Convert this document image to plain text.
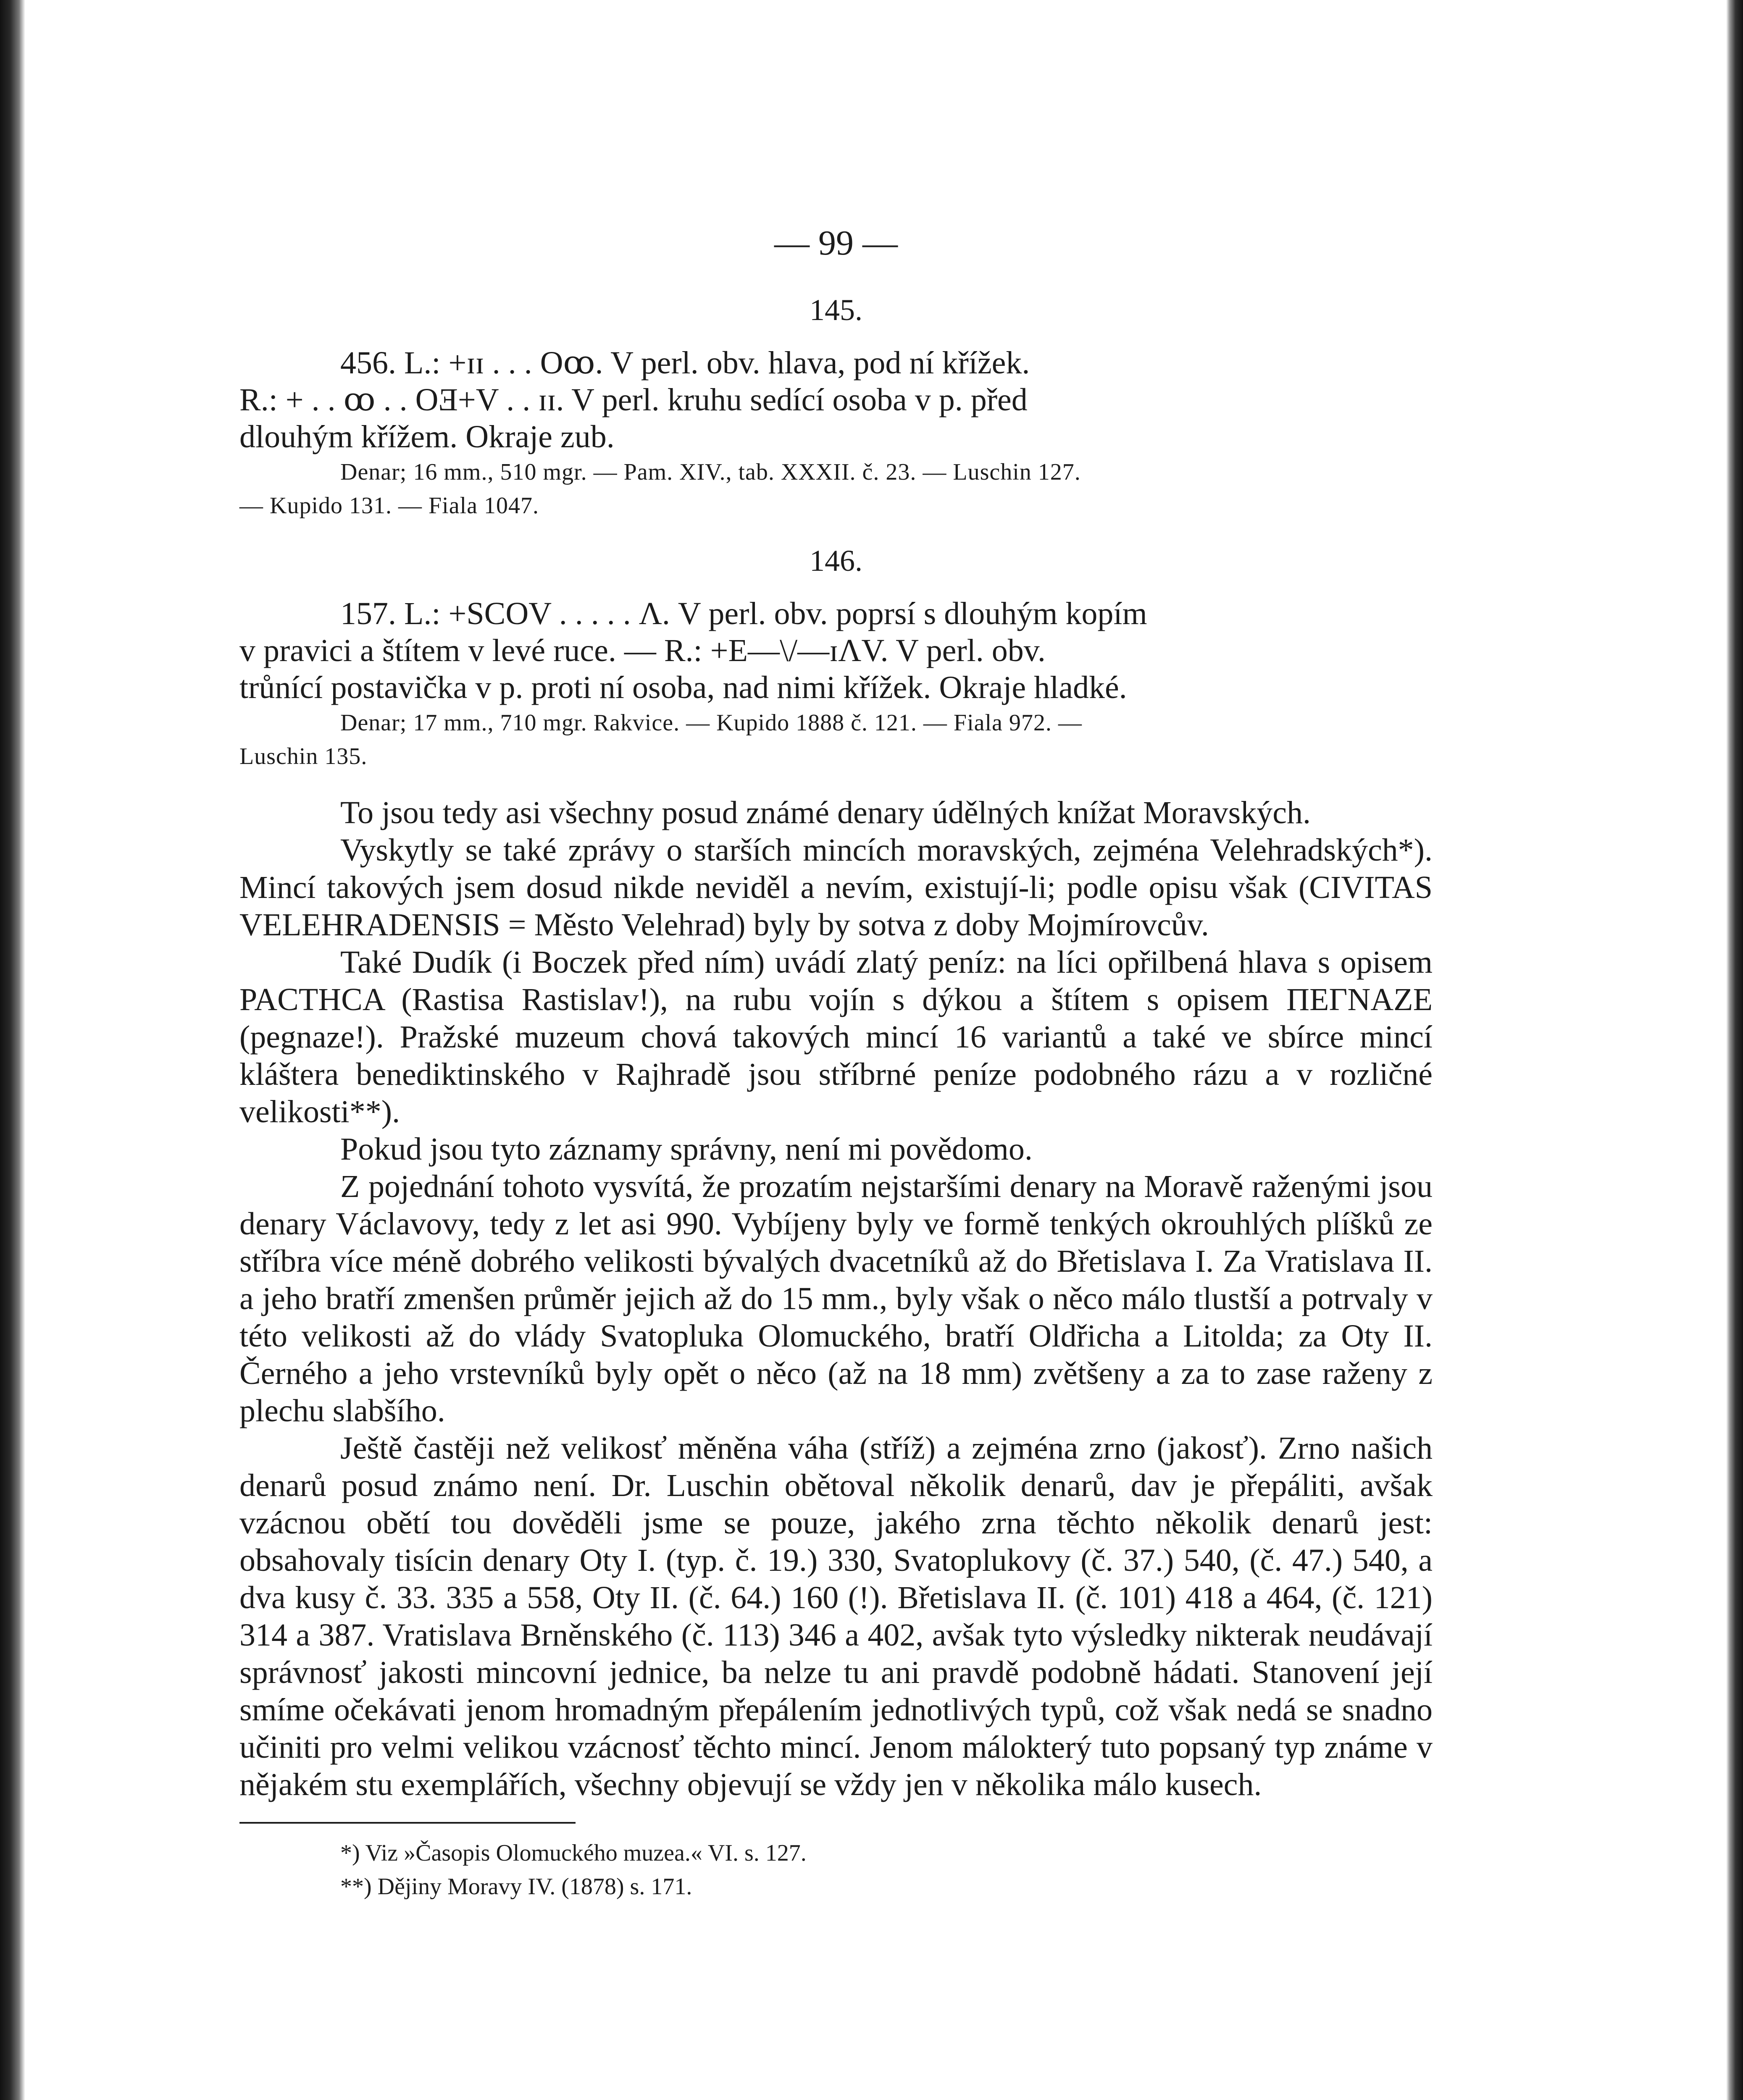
— 99 —
145.

456. L.: +ɪɪ . . . Oꝏ. V perl. obv. hlava, pod ní křížek.

R.: + . . ꝏ . . OƎ+V . . ɪɪ. V perl. kruhu sedící osoba v p. před

dlouhým křížem. Okraje zub.

Denar; 16 mm., 510 mgr. — Pam. XIV., tab. XXXII. č. 23. — Luschin 127.

— Kupido 131. — Fiala 1047.

146.

157. L.: +SCOV . . . . . Λ. V perl. obv. poprsí s dlouhým kopím

v pravici a štítem v levé ruce. — R.: +E—\/—ɪΛV. V perl. obv.

trůnící postavička v p. proti ní osoba, nad nimi křížek. Okraje hladké.

Denar; 17 mm., 710 mgr. Rakvice. — Kupido 1888 č. 121. — Fiala 972. —

Luschin 135.

To jsou tedy asi všechny posud známé denary údělných knížat Moravských.

Vyskytly se také zprávy o starších mincích moravských, zejména Velehradských*). Mincí takových jsem dosud nikde neviděl a nevím, existují-li; podle opisu však (CIVITAS VELEHRADENSIS = Město Velehrad) byly by sotva z doby Mojmírovcův.

Také Dudík (i Boczek před ním) uvádí zlatý peníz: na líci opřilbená hlava s opisem PACTHCA (Rastisa Rastislav!), na rubu vojín s dýkou a štítem s opisem ΠEΓNAZE (pegnaze!). Pražské muzeum chová takových mincí 16 variantů a také ve sbírce mincí kláštera benediktinského v Rajhradě jsou stříbrné peníze podobného rázu a v rozličné velikosti**).

Pokud jsou tyto záznamy správny, není mi povědomo.

Z pojednání tohoto vysvítá, že prozatím nejstaršími denary na Moravě raženými jsou denary Václavovy, tedy z let asi 990. Vybíjeny byly ve formě tenkých okrouhlých plíšků ze stříbra více méně dobrého velikosti bývalých dvacetníků až do Břetislava I. Za Vratislava II. a jeho bratří zmenšen průměr jejich až do 15 mm., byly však o něco málo tlustší a potrvaly v této velikosti až do vlády Svatopluka Olomuckého, bratří Oldřicha a Litolda; za Oty II. Černého a jeho vrstevníků byly opět o něco (až na 18 mm) zvětšeny a za to zase raženy z plechu slabšího.

Ještě častěji než velikosť měněna váha (stříž) a zejména zrno (jakosť). Zrno našich denarů posud známo není. Dr. Luschin obětoval několik denarů, dav je přepáliti, avšak vzácnou obětí tou dověděli jsme se pouze, jakého zrna těchto několik denarů jest: obsahovaly tisícin denary Oty I. (typ. č. 19.) 330, Svatoplukovy (č. 37.) 540, (č. 47.) 540, a dva kusy č. 33. 335 a 558, Oty II. (č. 64.) 160 (!). Břetislava II. (č. 101) 418 a 464, (č. 121) 314 a 387. Vratislava Brněnského (č. 113) 346 a 402, avšak tyto výsledky nikterak neudávají správnosť jakosti mincovní jednice, ba nelze tu ani pravdě podobně hádati. Stanovení její smíme očekávati jenom hromadným přepálením jednotlivých typů, což však nedá se snadno učiniti pro velmi velikou vzácnosť těchto mincí. Jenom málokterý tuto popsaný typ známe v nějakém stu exemplářích, všechny objevují se vždy jen v několika málo kusech.

*) Viz »Časopis Olomuckého muzea.« VI. s. 127.

**) Dějiny Moravy IV. (1878) s. 171.
